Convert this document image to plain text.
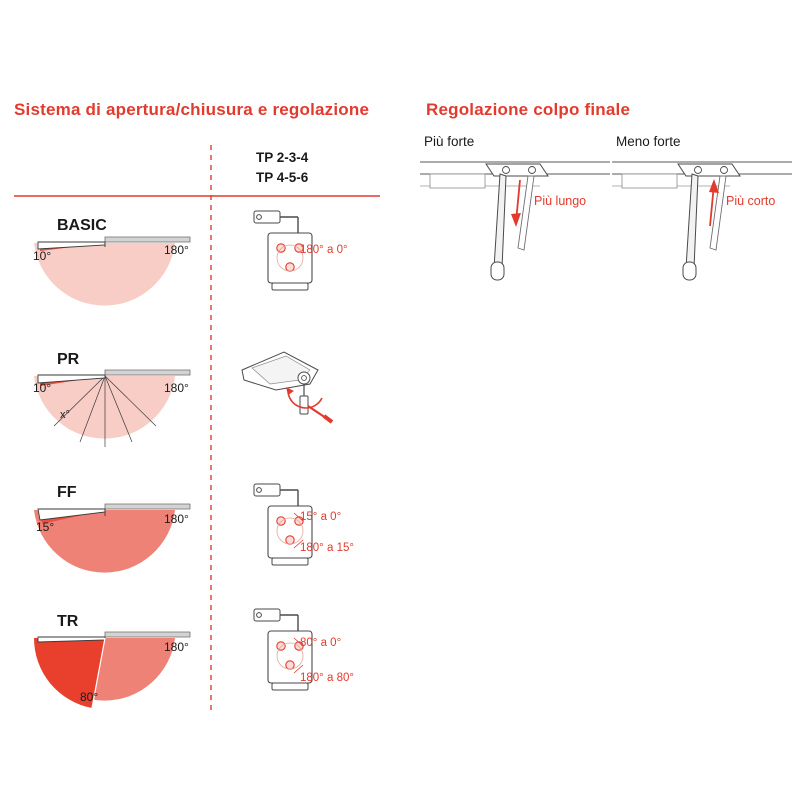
Sistema di apertura/chiusura e regolazione	Regolazione colpo finale
TP 2-3-4
TP 4-5-6
BASIC
10°	180°	180° a 0°
PR
10°	180°
x°
FF
15°
180°	15° a 0°
180° a 15°
TR
80°
180°	80° a 0°
180° a 80°
Più forte	Meno forte
Più lungo	Più corto
